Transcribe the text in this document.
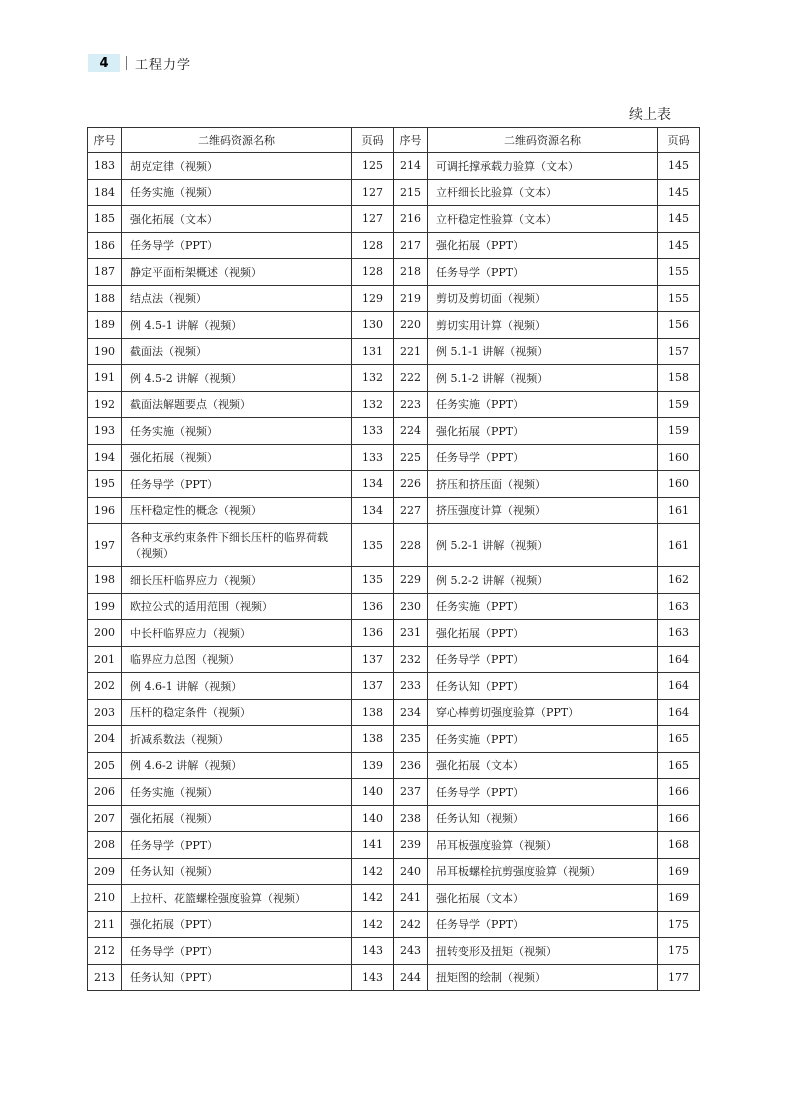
4	工程力学
续上表
序号	二维码资源名称	页码	序号	二维码资源名称	页码
183	胡克定律（视频）	125	214	可调托撑承载力验算（文本）	145
184	任务实施（视频）	127	215	立杆细长比验算（文本）	145
185	强化拓展（文本）	127	216	立杆稳定性验算（文本）	145
186	任务导学（PPT）	128	217	强化拓展（PPT）	145
187	静定平面桁架概述（视频）	128	218	任务导学（PPT）	155
188	结点法（视频）	129	219	剪切及剪切面（视频）	155
189	例 4.5-1 讲解（视频）	130	220	剪切实用计算（视频）	156
190	截面法（视频）	131	221	例 5.1-1 讲解（视频）	157
191	例 4.5-2 讲解（视频）	132	222	例 5.1-2 讲解（视频）	158
192	截面法解题要点（视频）	132	223	任务实施（PPT）	159
193	任务实施（视频）	133	224	强化拓展（PPT）	159
194	强化拓展（视频）	133	225	任务导学（PPT）	160
195	任务导学（PPT）	134	226	挤压和挤压面（视频）	160
196	压杆稳定性的概念（视频）	134	227	挤压强度计算（视频）	161
197	各种支承约束条件下细长压杆的临界荷载（视频）	135	228	例 5.2-1 讲解（视频）	161
198	细长压杆临界应力（视频）	135	229	例 5.2-2 讲解（视频）	162
199	欧拉公式的适用范围（视频）	136	230	任务实施（PPT）	163
200	中长杆临界应力（视频）	136	231	强化拓展（PPT）	163
201	临界应力总图（视频）	137	232	任务导学（PPT）	164
202	例 4.6-1 讲解（视频）	137	233	任务认知（PPT）	164
203	压杆的稳定条件（视频）	138	234	穿心棒剪切强度验算（PPT）	164
204	折减系数法（视频）	138	235	任务实施（PPT）	165
205	例 4.6-2 讲解（视频）	139	236	强化拓展（文本）	165
206	任务实施（视频）	140	237	任务导学（PPT）	166
207	强化拓展（视频）	140	238	任务认知（视频）	166
208	任务导学（PPT）	141	239	吊耳板强度验算（视频）	168
209	任务认知（视频）	142	240	吊耳板螺栓抗剪强度验算（视频）	169
210	上拉杆、花篮螺栓强度验算（视频）	142	241	强化拓展（文本）	169
211	强化拓展（PPT）	142	242	任务导学（PPT）	175
212	任务导学（PPT）	143	243	扭转变形及扭矩（视频）	175
213	任务认知（PPT）	143	244	扭矩图的绘制（视频）	177
